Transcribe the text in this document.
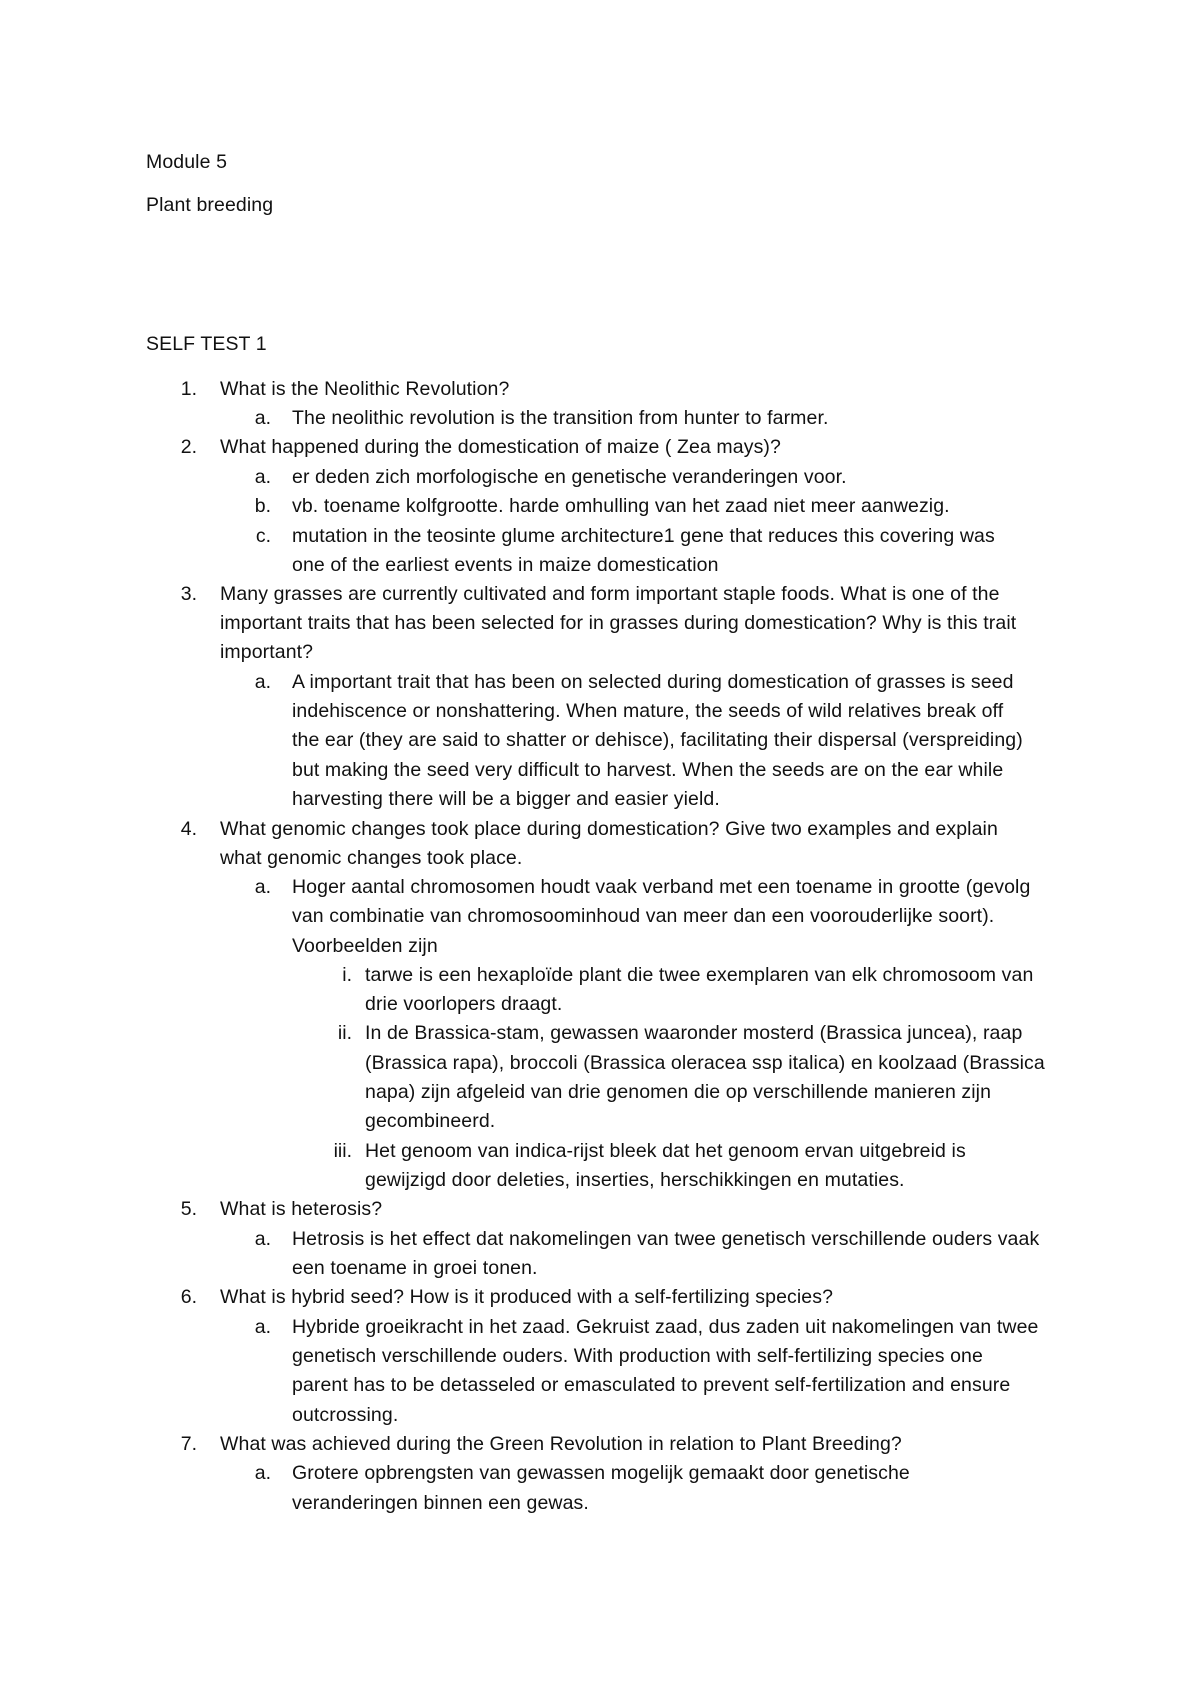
Module 5
Plant breeding
SELF TEST 1
1. What is the Neolithic Revolution?
a. The neolithic revolution is the transition from hunter to farmer.
2. What happened during the domestication of maize ( Zea mays)?
a. er deden zich morfologische en genetische veranderingen voor.
b. vb. toename kolfgrootte. harde omhulling van het zaad niet meer aanwezig.
c. mutation in the teosinte glume architecture1 gene that reduces this covering was
one of the earliest events in maize domestication
3. Many grasses are currently cultivated and form important staple foods. What is one of the
important traits that has been selected for in grasses during domestication? Why is this trait
important?
a. A important trait that has been on selected during domestication of grasses is seed
indehiscence or nonshattering. When mature, the seeds of wild relatives break off
the ear (they are said to shatter or dehisce), facilitating their dispersal (verspreiding)
but making the seed very difficult to harvest. When the seeds are on the ear while
harvesting there will be a bigger and easier yield.
4. What genomic changes took place during domestication? Give two examples and explain
what genomic changes took place.
a. Hoger aantal chromosomen houdt vaak verband met een toename in grootte (gevolg
van combinatie van chromosoominhoud van meer dan een voorouderlijke soort).
Voorbeelden zijn
i. tarwe is een hexaploïde plant die twee exemplaren van elk chromosoom van
drie voorlopers draagt.
ii. In de Brassica-stam, gewassen waaronder mosterd (Brassica juncea), raap
(Brassica rapa), broccoli (Brassica oleracea ssp italica) en koolzaad (Brassica
napa) zijn afgeleid van drie genomen die op verschillende manieren zijn
gecombineerd.
iii. Het genoom van indica-rijst bleek dat het genoom ervan uitgebreid is
gewijzigd door deleties, inserties, herschikkingen en mutaties.
5. What is heterosis?
a. Hetrosis is het effect dat nakomelingen van twee genetisch verschillende ouders vaak
een toename in groei tonen.
6. What is hybrid seed? How is it produced with a self-fertilizing species?
a. Hybride groeikracht in het zaad. Gekruist zaad, dus zaden uit nakomelingen van twee
genetisch verschillende ouders. With production with self-fertilizing species one
parent has to be detasseled or emasculated to prevent self-fertilization and ensure
outcrossing.
7. What was achieved during the Green Revolution in relation to Plant Breeding?
a. Grotere opbrengsten van gewassen mogelijk gemaakt door genetische
veranderingen binnen een gewas.
